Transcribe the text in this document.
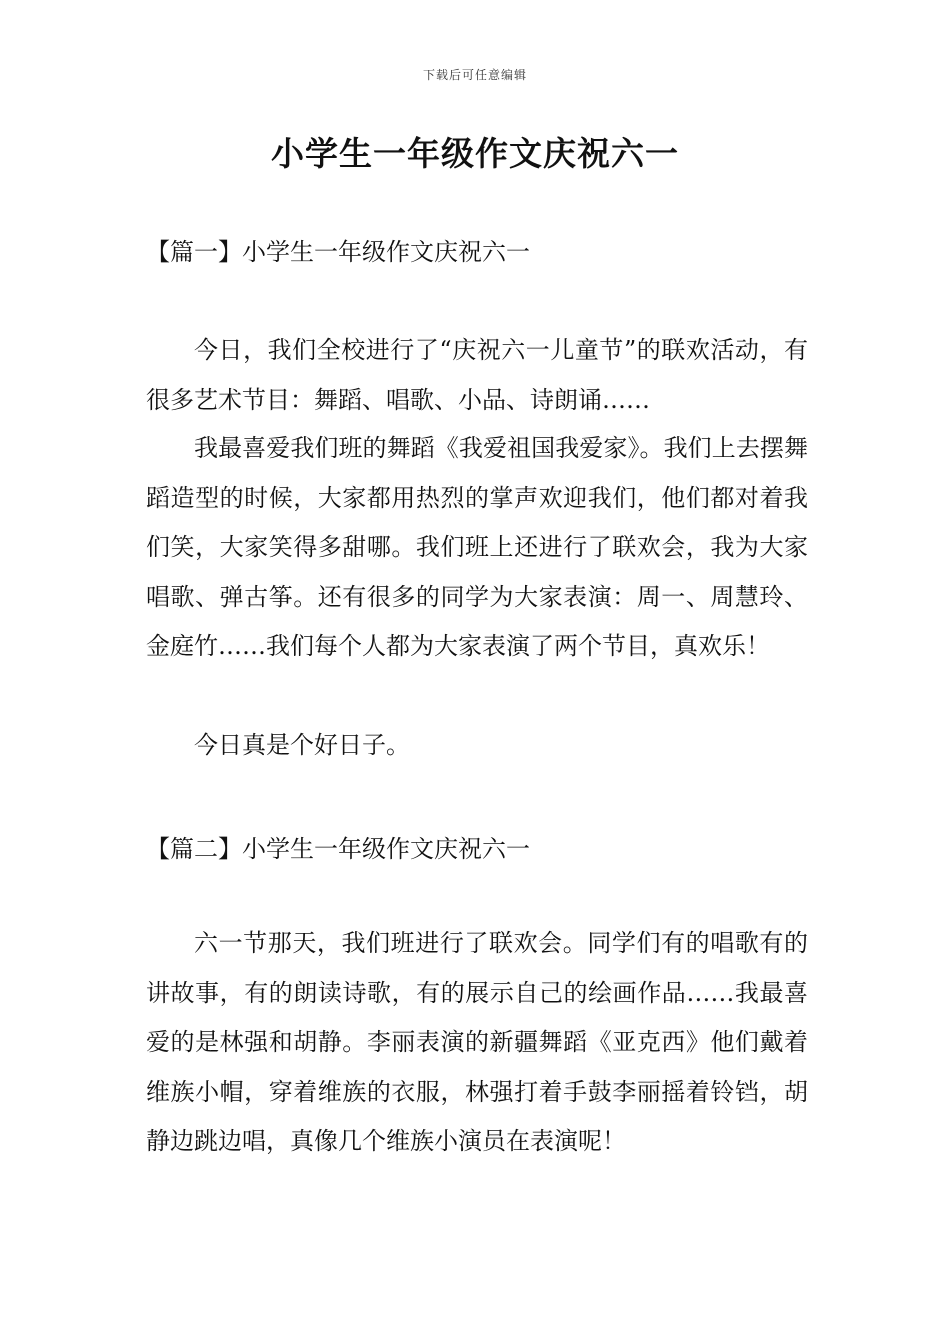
下载后可任意编辑
小学生一年级作文庆祝六一
【篇一】小学生一年级作文庆祝六一

今日，我们全校进行了“庆祝六一儿童节”的联欢活动，有很多艺术节目：舞蹈、唱歌、小品、诗朗诵……

我最喜爱我们班的舞蹈《我爱祖国我爱家》。我们上去摆舞蹈造型的时候，大家都用热烈的掌声欢迎我们，他们都对着我们笑，大家笑得多甜哪。我们班上还进行了联欢会，我为大家唱歌、弹古筝。还有很多的同学为大家表演：周一、周慧玲、金庭竹……我们每个人都为大家表演了两个节目，真欢乐！

今日真是个好日子。

【篇二】小学生一年级作文庆祝六一

六一节那天，我们班进行了联欢会。同学们有的唱歌有的讲故事，有的朗读诗歌，有的展示自己的绘画作品……我最喜爱的是林强和胡静。李丽表演的新疆舞蹈《亚克西》他们戴着维族小帽，穿着维族的衣服，林强打着手鼓李丽摇着铃铛，胡静边跳边唱，真像几个维族小演员在表演呢！
